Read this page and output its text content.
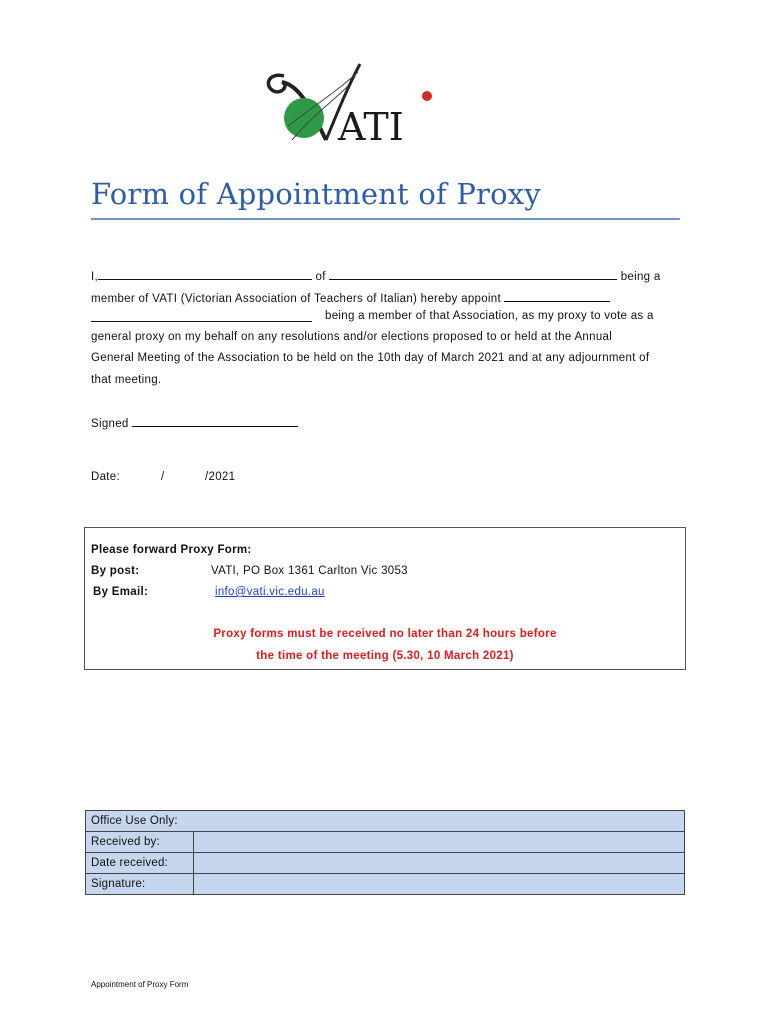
ATI
Form of Appointment of Proxy
I,	of	being a
member of VATI (Victorian Association of Teachers of Italian) hereby appoint
being a member of that Association, as my proxy to vote as a
general proxy on my behalf on any resolutions and/or elections proposed to or held at the Annual
General Meeting of the Association to be held on the 10th day of March 2021 and at any adjournment of
that meeting.
Signed
Date:	/	/2021
Please forward Proxy Form:
By post:	VATI, PO Box 1361 Carlton Vic 3053
By Email:	info@vati.vic.edu.au
Proxy forms must be received no later than 24 hours before
the time of the meeting (5.30, 10 March 2021)
Office Use Only:	
Received by:	
Date received:	
Signature:	
Appointment of Proxy Form
